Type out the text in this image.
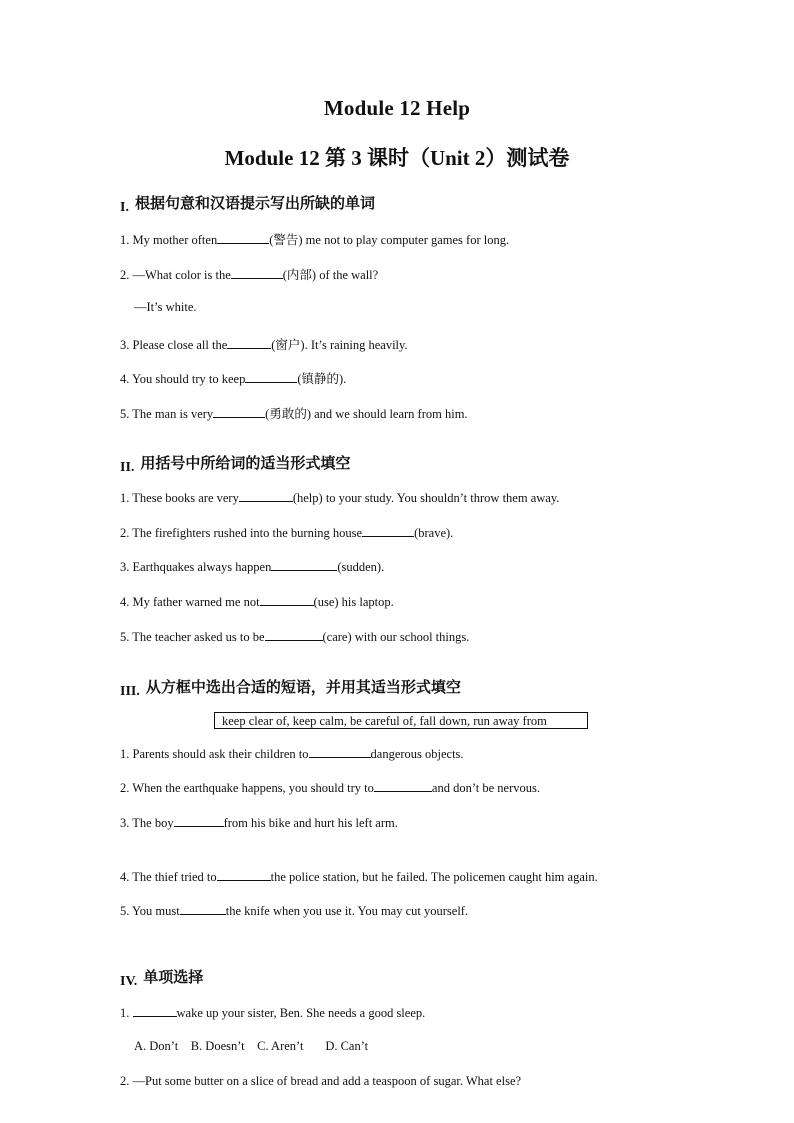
Module 12 Help
Module 12 第 3 课时（Unit 2）测试卷
I. 根据句意和汉语提示写出所缺的单词
1. My mother often	(警告) me not to play computer games for long.
2. —What color is the	(内部) of the wall?
—It’s white.
3. Please close all the	(窗户). It’s raining heavily.
4. You should try to keep	(镇静的).
5. The man is very	(勇敢的) and we should learn from him.
II. 用括号中所给词的适当形式填空
1. These books are very	(help) to your study. You shouldn’t throw them away.
2. The firefighters rushed into the burning house	(brave).
3. Earthquakes always happen	(sudden).
4. My father warned me not	(use) his laptop.
5. The teacher asked us to be	(care) with our school things.
III. 从方框中选出合适的短语，并用其适当形式填空
keep clear of, keep calm, be careful of, fall down, run away from
1. Parents should ask their children to	dangerous objects.
2. When the earthquake happens, you should try to	and don’t be nervous.
3. The boy	from his bike and hurt his left arm.
4. The thief tried to	the police station, but he failed. The policemen caught him again.
5. You must	the knife when you use it. You may cut yourself.
IV. 单项选择
1.	wake up your sister, Ben. She needs a good sleep.
A. Don’t    B. Doesn’t    C. Aren’t       D. Can’t
2. —Put some butter on a slice of bread and add a teaspoon of sugar. What else?
